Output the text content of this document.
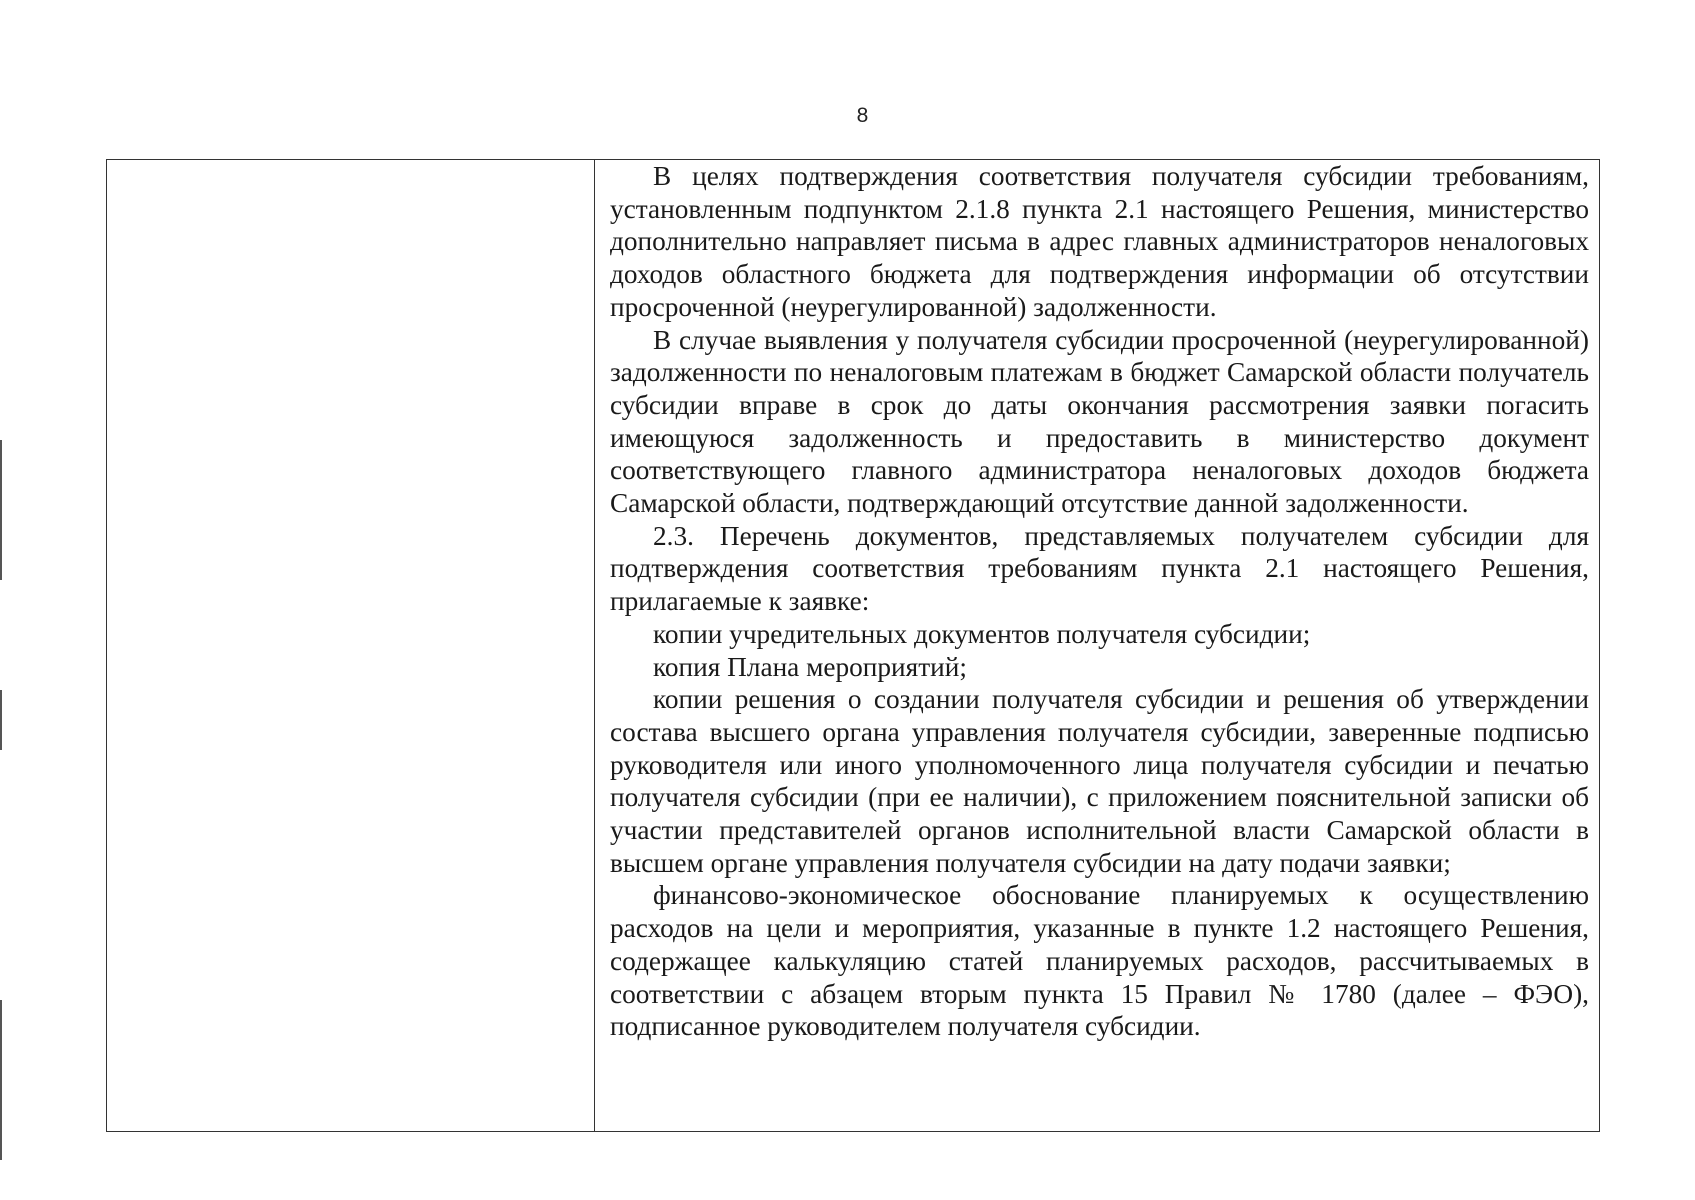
8

В целях подтверждения соответствия получателя субсидии требованиям, установленным подпунктом 2.1.8 пункта 2.1 настоящего Решения, министерство дополнительно направляет письма в адрес главных администраторов неналоговых доходов областного бюджета для подтверждения информации об отсутствии просроченной (неурегулированной) задолженности.

В случае выявления у получателя субсидии просроченной (неурегулированной) задолженности по неналоговым платежам в бюджет Самарской области получатель субсидии вправе в срок до даты окончания рассмотрения заявки погасить имеющуюся задолженность и предоставить в министерство документ соответствующего главного администратора неналоговых доходов бюджета Самарской области, подтверждающий отсутствие данной задолженности.

2.3. Перечень документов, представляемых получателем субсидии для подтверждения соответствия требованиям пункта 2.1 настоящего Решения, прилагаемые к заявке:

копии учредительных документов получателя субсидии;

копия Плана мероприятий;

копии решения о создании получателя субсидии и решения об утверждении состава высшего органа управления получателя субсидии, заверенные подписью руководителя или иного уполномоченного лица получателя субсидии и печатью получателя субсидии (при ее наличии), с приложением пояснительной записки об участии представителей органов исполнительной власти Самарской области в высшем органе управления получателя субсидии на дату подачи заявки;

финансово-экономическое обоснование планируемых к осуществлению расходов на цели и мероприятия, указанные в пункте 1.2 настоящего Решения, содержащее калькуляцию статей планируемых расходов, рассчитываемых в соответствии с абзацем вторым пункта 15 Правил № 1780 (далее – ФЭО), подписанное руководителем получателя субсидии.
